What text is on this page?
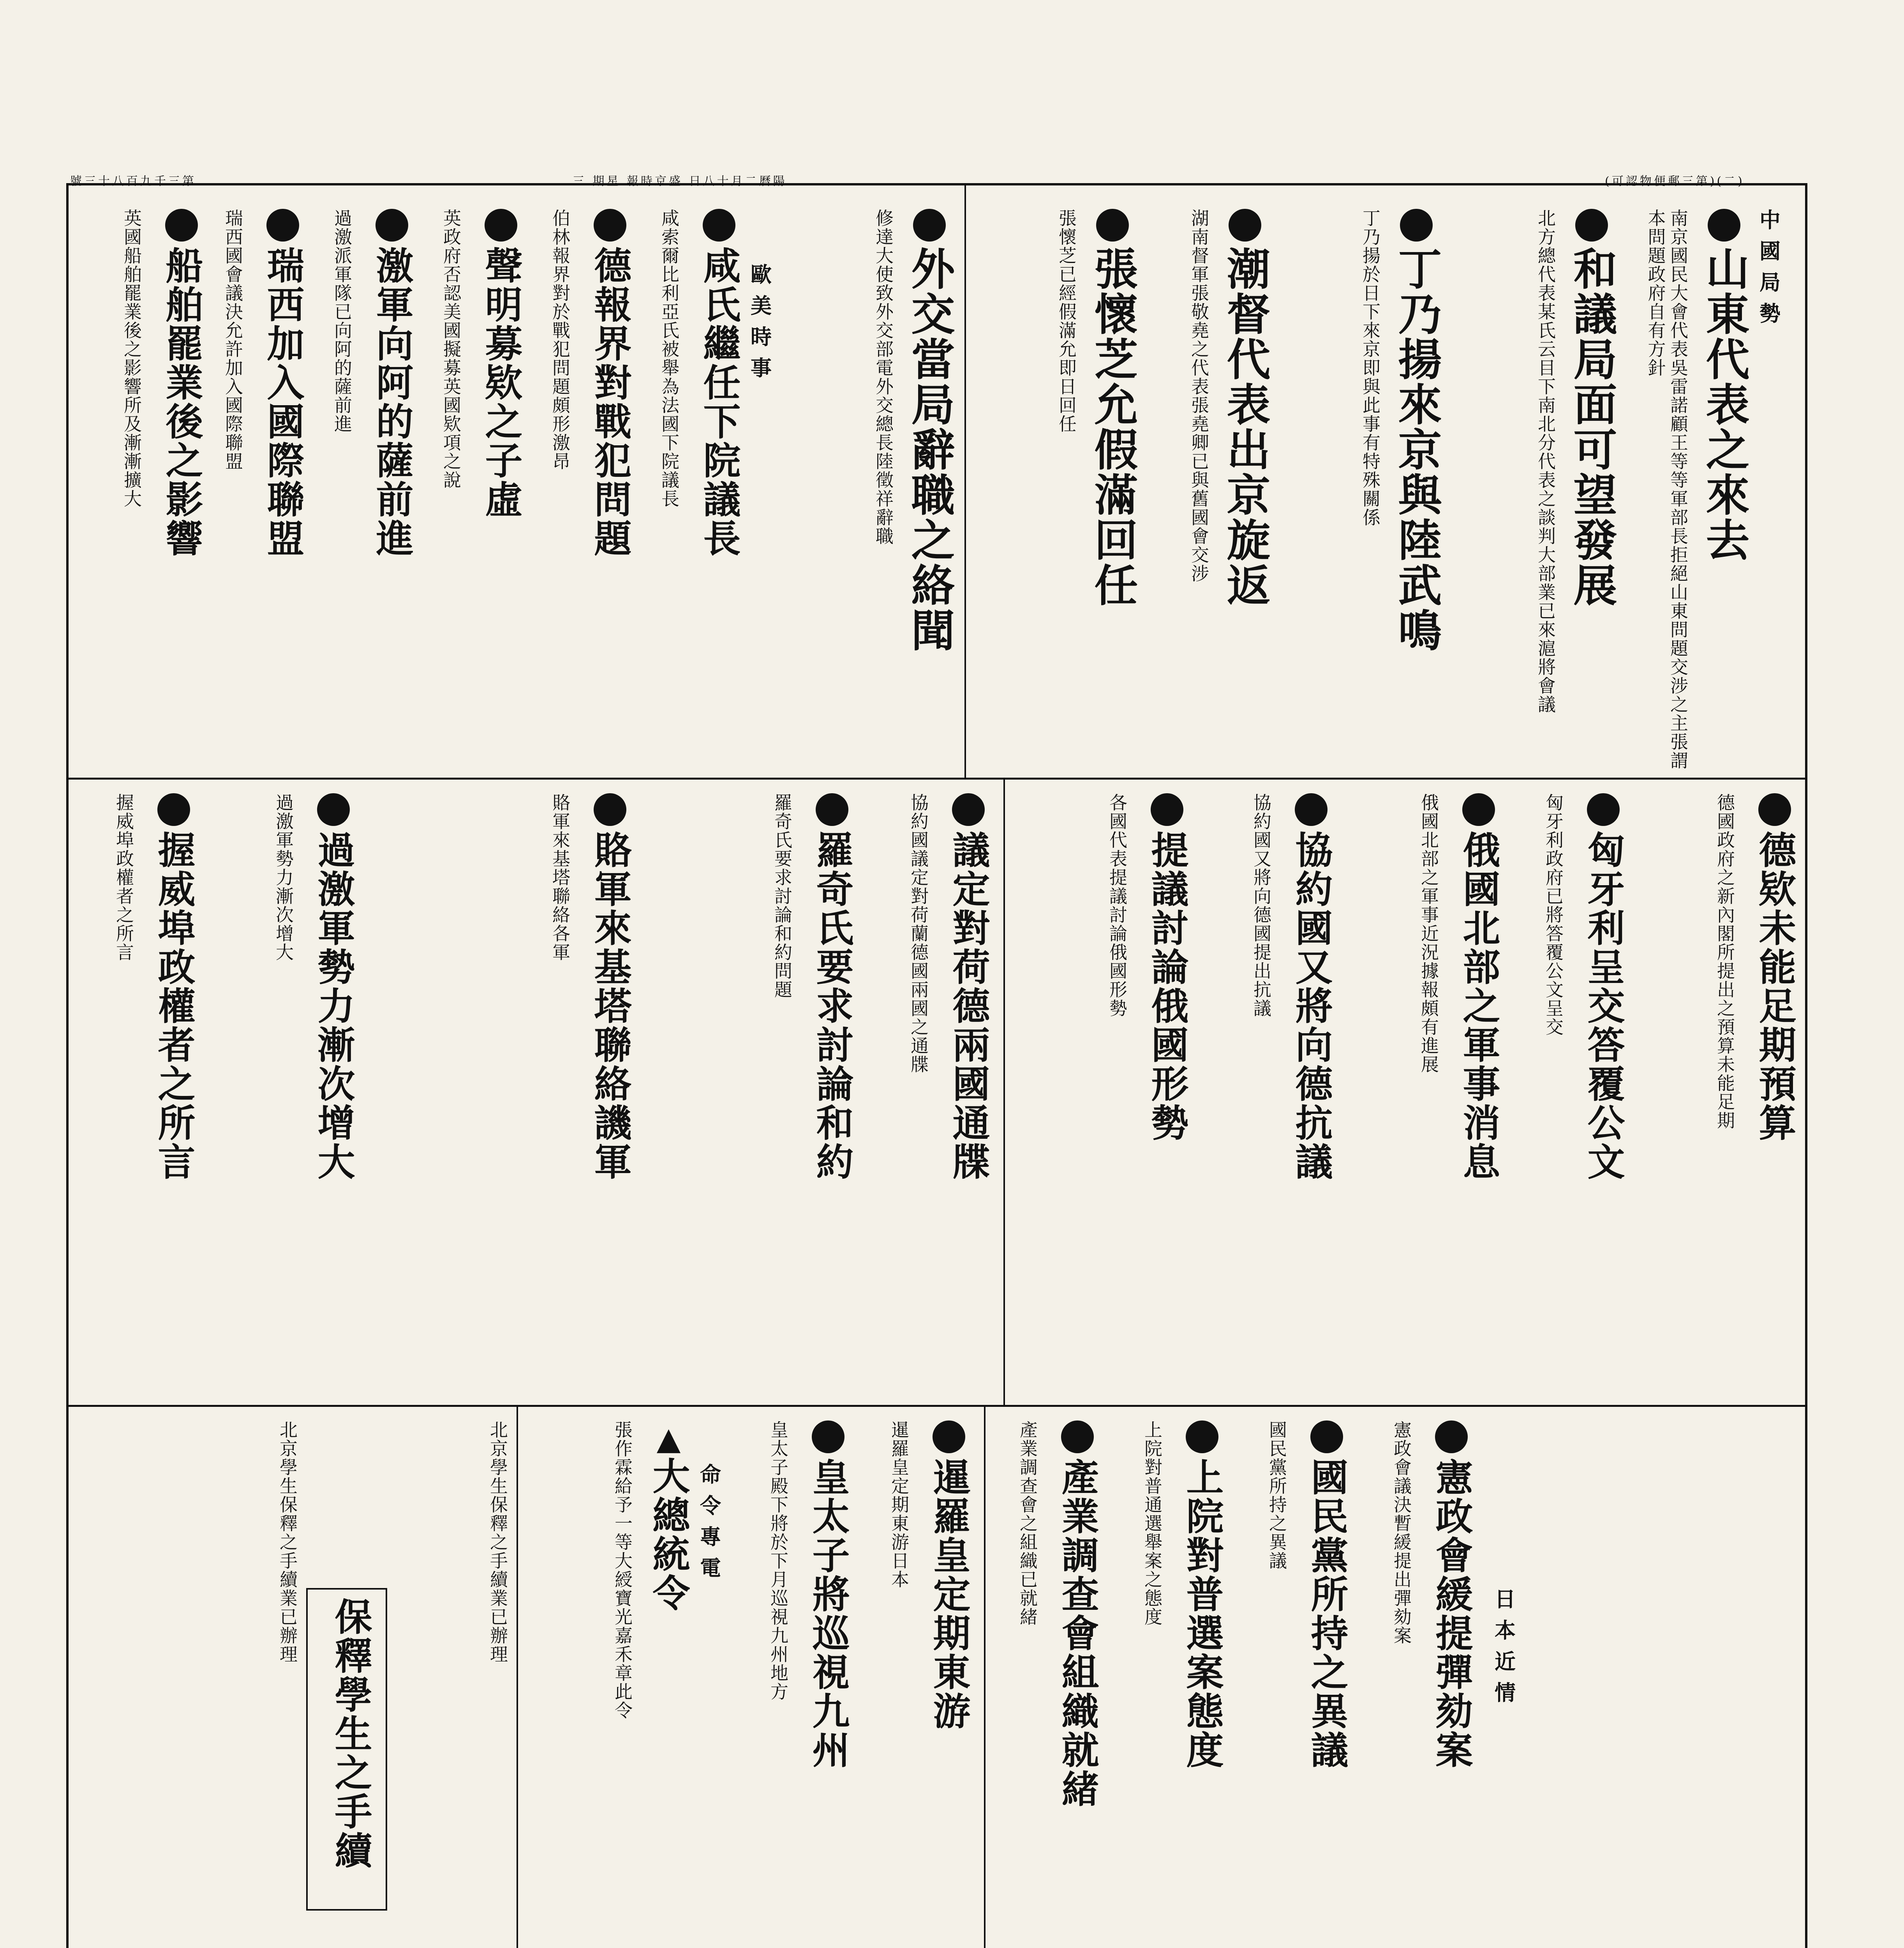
號三十八百九千三第	三 期星 報時京盛 日八十月二曆陽	(可認物便郵三第)(二)
中國局勢
山東代表之來去
南京國民大會代表吳雷諾顧王等等軍部長拒絕山東問題交涉之主張謂本問題政府自有方針
和議局面可望發展
北方總代表某氏云目下南北分代表之談判大部業已來滬將會議
丁乃揚來京與陸武鳴
丁乃揚於日下來京即與此事有特殊關係
潮督代表出京旋返
湖南督軍張敬堯之代表張堯卿已與舊國會交涉
張懷芝允假滿回任
張懷芝已經假滿允即日回任
外交當局辭職之絡聞
修達大使致外交部電外交總長陸徵祥辭職
歐美時事
咸氏繼任下院議長
咸索爾比利亞氏被舉為法國下院議長
德報界對戰犯問題
伯林報界對於戰犯問題頗形激昂
聲明募欵之子虛
英政府否認美國擬募英國欵項之說
激軍向阿的薩前進
過激派軍隊已向阿的薩前進
瑞西加入國際聯盟
瑞西國會議決允許加入國際聯盟
船舶罷業後之影響
英國船舶罷業後之影響所及漸漸擴大
德欵未能足期預算
德國政府之新內閣所提出之預算未能足期
匈牙利呈交答覆公文
匈牙利政府已將答覆公文呈交
俄國北部之軍事消息
俄國北部之軍事近況據報頗有進展
協約國又將向德抗議
協約國又將向德國提出抗議
提議討論俄國形勢
各國代表提議討論俄國形勢
議定對荷德兩國通牒
協約國議定對荷蘭德國兩國之通牒
羅奇氏要求討論和約
羅奇氏要求討論和約問題
賂軍來基塔聯絡譏軍
賂軍來基塔聯絡各軍
過激軍勢力漸次增大
過激軍勢力漸次增大
握威埠政權者之所言
握威埠政權者之所言
日本近情
憲政會緩提彈劾案
憲政會議決暫緩提出彈劾案
國民黨所持之異議
國民黨所持之異議
上院對普選案態度
上院對普通選舉案之態度
產業調查會組織就緒
產業調查會之組織已就緒
暹羅皇定期東游
暹羅皇定期東游日本
皇太子將巡視九州
皇太子殿下將於下月巡視九州地方
命令專電
▲大總統令
張作霖給予一等大綬寶光嘉禾章此令
保釋學生之手續
北京學生保釋之手續業已辦理
北京學生保釋之手續業已辦理
